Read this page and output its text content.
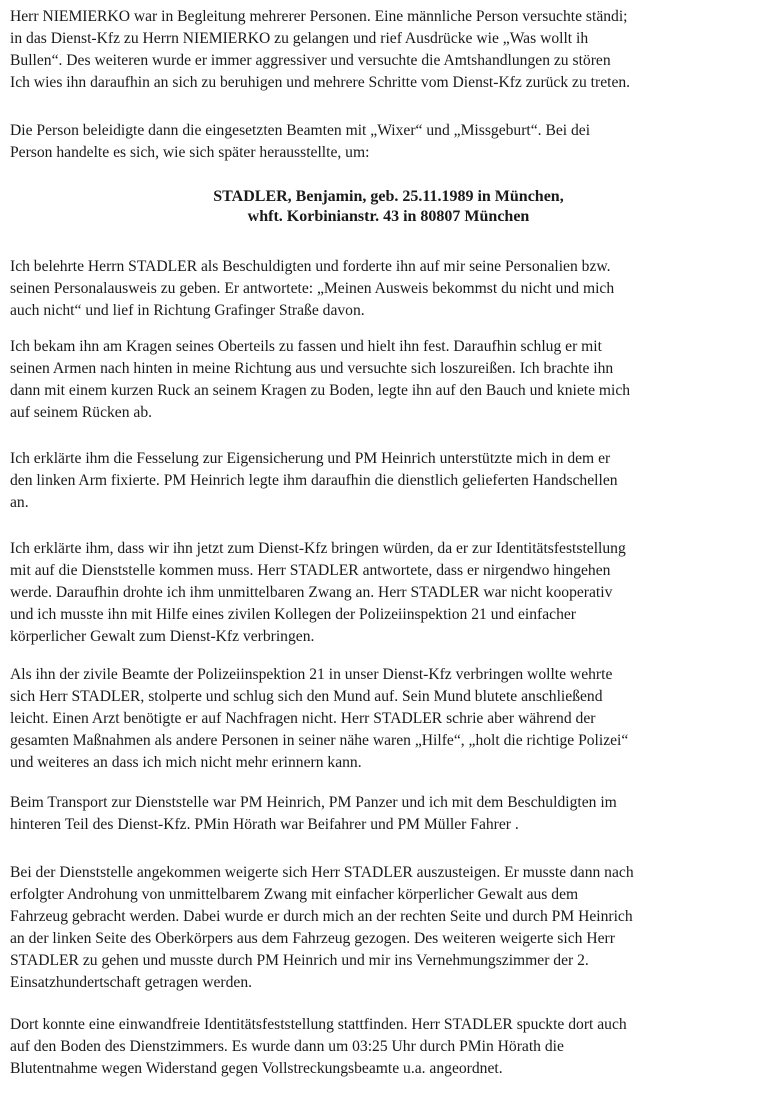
Herr NIEMIERKO war in Begleitung mehrerer Personen. Eine männliche Person versuchte ständi;
in das Dienst-Kfz zu Herrn NIEMIERKO zu gelangen und rief Ausdrücke wie „Was wollt ih
Bullen“. Des weiteren wurde er immer aggressiver und versuchte die Amtshandlungen zu stören
Ich wies ihn daraufhin an sich zu beruhigen und mehrere Schritte vom Dienst-Kfz zurück zu treten.

Die Person beleidigte dann die eingesetzten Beamten mit „Wixer“ und „Missgeburt“. Bei dei
Person handelte es sich, wie sich später herausstellte, um:

STADLER, Benjamin, geb. 25.11.1989 in München,

whft. Korbinianstr. 43 in 80807 München

Ich belehrte Herrn STADLER als Beschuldigten und forderte ihn auf mir seine Personalien bzw.
seinen Personalausweis zu geben. Er antwortete: „Meinen Ausweis bekommst du nicht und mich
auch nicht“ und lief in Richtung Grafinger Straße davon.

Ich bekam ihn am Kragen seines Oberteils zu fassen und hielt ihn fest. Daraufhin schlug er mit
seinen Armen nach hinten in meine Richtung aus und versuchte sich loszureißen. Ich brachte ihn
dann mit einem kurzen Ruck an seinem Kragen zu Boden, legte ihn auf den Bauch und kniete mich
auf seinem Rücken ab.

Ich erklärte ihm die Fesselung zur Eigensicherung und PM Heinrich unterstützte mich in dem er
den linken Arm fixierte. PM Heinrich legte ihm daraufhin die dienstlich gelieferten Handschellen
an.

Ich erklärte ihm, dass wir ihn jetzt zum Dienst-Kfz bringen würden, da er zur Identitätsfeststellung
mit auf die Dienststelle kommen muss. Herr STADLER antwortete, dass er nirgendwo hingehen
werde. Daraufhin drohte ich ihm unmittelbaren Zwang an. Herr STADLER war nicht kooperativ
und ich musste ihn mit Hilfe eines zivilen Kollegen der Polizeiinspektion 21 und einfacher
körperlicher Gewalt zum Dienst-Kfz verbringen.

Als ihn der zivile Beamte der Polizeiinspektion 21 in unser Dienst-Kfz verbringen wollte wehrte
sich Herr STADLER, stolperte und schlug sich den Mund auf. Sein Mund blutete anschließend
leicht. Einen Arzt benötigte er auf Nachfragen nicht. Herr STADLER schrie aber während der
gesamten Maßnahmen als andere Personen in seiner nähe waren „Hilfe“, „holt die richtige Polizei“
und weiteres an dass ich mich nicht mehr erinnern kann.

Beim Transport zur Dienststelle war PM Heinrich, PM Panzer und ich mit dem Beschuldigten im
hinteren Teil des Dienst-Kfz. PMin Hörath war Beifahrer und PM Müller Fahrer .

Bei der Dienststelle angekommen weigerte sich Herr STADLER auszusteigen. Er musste dann nach
erfolgter Androhung von unmittelbarem Zwang mit einfacher körperlicher Gewalt aus dem
Fahrzeug gebracht werden. Dabei wurde er durch mich an der rechten Seite und durch PM Heinrich
an der linken Seite des Oberkörpers aus dem Fahrzeug gezogen. Des weiteren weigerte sich Herr
STADLER zu gehen und musste durch PM Heinrich und mir ins Vernehmungszimmer der 2.
Einsatzhundertschaft getragen werden.

Dort konnte eine einwandfreie Identitätsfeststellung stattfinden. Herr STADLER spuckte dort auch
auf den Boden des Dienstzimmers. Es wurde dann um 03:25 Uhr durch PMin Hörath die
Blutentnahme wegen Widerstand gegen Vollstreckungsbeamte u.a. angeordnet.
